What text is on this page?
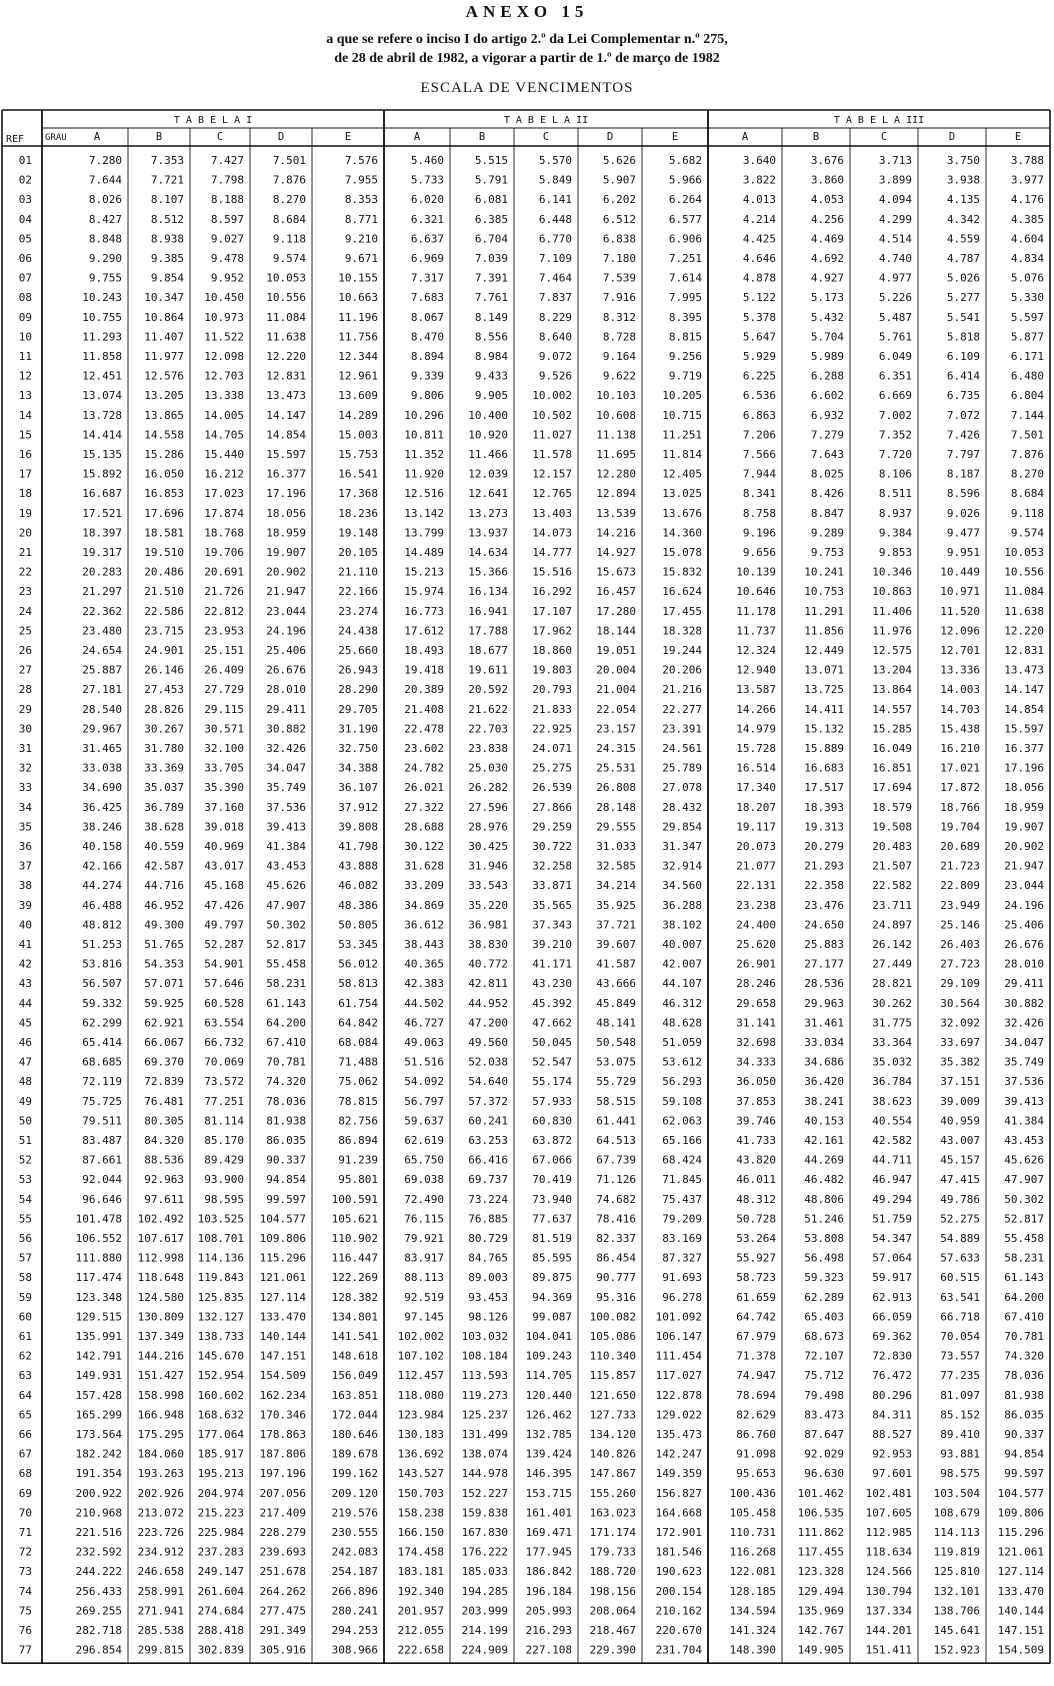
ANEXO 15
a que se refere o inciso I do artigo 2.º da Lei Complementar n.º 275,
de 28 de abril de 1982, a vigorar a partir de 1.º de março de 1982
ESCALA DE VENCIMENTOS
T A B E L A I	T A B E L A II	T A B E L A III
REF GRAU	A	B	C	D	E	A	B	C	D	E	A	B	C	D	E
01	7.280	7.353 7.427	7.501	7.576	5.460	5.515	5.570	5.626	5.682	3.640	3.676	3.713	3.750	3.788
02	7.644	7.721 7.798	7.876	7.955	5.733	5.791	5.849	5.907	5.966	3.822	3.860	3.899	3.938	3.977
03	8.026	8.107 8.188	8.270	8.353	6.020	6.081	6.141	6.202	6.264	4.013	4.053	4.094	4.135	4.176
04	8.427	8.512 8.597	8.684	8.771	6.321	6.385	6.448	6.512	6.577	4.214	4.256	4.299	4.342	4.385
05	8.848	8.938 9.027	9.118	9.210	6.637	6.704	6.770	6.838	6.906	4.425	4.469	4.514	4.559	4.604
06	9.290	9.385 9.478	9.574	9.671	6.969	7.039	7.109	7.180	7.251	4.646	4.692	4.740	4.787	4.834
07	9.755	9.854 9.952 10.053	10.155	7.317	7.391	7.464	7.539	7.614	4.878	4.927	4.977	5.026	5.076
08	10.243 10.347 10.450 10.556	10.663	7.683	7.761	7.837	7.916	7.995	5.122	5.173	5.226	5.277	5.330
09	10.755 10.864 10.973 11.084	11.196	8.067	8.149	8.229	8.312	8.395	5.378	5.432	5.487	5.541	5.597
10	11.293 11.407 11.522 11.638	11.756	8.470	8.556	8.640	8.728	8.815	5.647	5.704	5.761	5.818	5.877
11	11.858 11.977 12.098 12.220	12.344	8.894	8.984	9.072	9.164	9.256	5.929	5.989	6.049	6.109	6.171
12	12.451 12.576 12.703 12.831	12.961	9.339	9.433	9.526	9.622	9.719	6.225	6.288	6.351	6.414	6.480
13	13.074 13.205 13.338 13.473	13.609	9.806	9.905 10.002 10.103 10.205	6.536	6.602	6.669	6.735	6.804
14	13.728 13.865 14.005 14.147	14.289 10.296 10.400 10.502 10.608 10.715	6.863	6.932	7.002	7.072	7.144
15	14.414 14.558 14.705 14.854	15.003 10.811 10.920 11.027 11.138 11.251	7.206	7.279	7.352	7.426	7.501
16	15.135 15.286 15.440 15.597	15.753 11.352 11.466 11.578 11.695 11.814	7.566	7.643	7.720	7.797	7.876
17	15.892 16.050 16.212 16.377	16.541 11.920 12.039 12.157 12.280 12.405	7.944	8.025	8.106	8.187	8.270
18	16.687 16.853 17.023 17.196	17.368 12.516 12.641 12.765 12.894 13.025	8.341	8.426	8.511	8.596	8.684
19	17.521 17.696 17.874 18.056	18.236 13.142 13.273 13.403 13.539 13.676	8.758	8.847	8.937	9.026	9.118
20	18.397 18.581 18.768 18.959	19.148 13.799 13.937 14.073 14.216 14.360	9.196	9.289	9.384	9.477	9.574
21	19.317 19.510 19.706 19.907	20.105 14.489 14.634 14.777 14.927 15.078	9.656	9.753	9.853	9.951 10.053
22	20.283 20.486 20.691 20.902	21.110 15.213 15.366 15.516 15.673 15.832	10.139	10.241	10.346	10.449 10.556
23	21.297 21.510 21.726 21.947	22.166 15.974 16.134 16.292 16.457 16.624	10.646	10.753	10.863	10.971 11.084
24	22.362 22.586 22.812 23.044	23.274 16.773 16.941 17.107 17.280 17.455	11.178	11.291	11.406	11.520 11.638
25	23.480 23.715 23.953 24.196	24.438 17.612 17.788 17.962 18.144 18.328	11.737	11.856	11.976	12.096 12.220
26	24.654 24.901 25.151 25.406	25.660 18.493 18.677 18.860 19.051 19.244	12.324	12.449	12.575	12.701 12.831
27	25.887 26.146 26.409 26.676	26.943 19.418 19.611 19.803 20.004 20.206	12.940	13.071	13.204	13.336 13.473
28	27.181 27.453 27.729 28.010	28.290 20.389 20.592 20.793 21.004 21.216	13.587	13.725	13.864	14.003 14.147
29	28.540 28.826 29.115 29.411	29.705 21.408 21.622 21.833 22.054 22.277	14.266	14.411	14.557	14.703 14.854
30	29.967 30.267 30.571 30.882	31.190 22.478 22.703 22.925 23.157 23.391	14.979	15.132	15.285	15.438 15.597
31	31.465 31.780 32.100 32.426	32.750 23.602 23.838 24.071 24.315 24.561	15.728	15.889	16.049	16.210 16.377
32	33.038 33.369 33.705 34.047	34.388 24.782 25.030 25.275 25.531 25.789	16.514	16.683	16.851	17.021 17.196
33	34.690 35.037 35.390 35.749	36.107 26.021 26.282 26.539 26.808 27.078	17.340	17.517	17.694	17.872 18.056
34	36.425 36.789 37.160 37.536	37.912 27.322 27.596 27.866 28.148 28.432	18.207	18.393	18.579	18.766 18.959
35	38.246 38.628 39.018 39.413	39.808 28.688 28.976 29.259 29.555 29.854	19.117	19.313	19.508	19.704 19.907
36	40.158 40.559 40.969 41.384	41.798 30.122 30.425 30.722 31.033 31.347	20.073	20.279	20.483	20.689 20.902
37	42.166 42.587 43.017 43.453	43.888 31.628 31.946 32.258 32.585 32.914	21.077	21.293	21.507	21.723 21.947
38	44.274 44.716 45.168 45.626	46.082 33.209 33.543 33.871 34.214 34.560	22.131	22.358	22.582	22.809 23.044
39	46.488 46.952 47.426 47.907	48.386 34.869 35.220 35.565 35.925 36.288	23.238	23.476	23.711	23.949 24.196
40	48.812 49.300 49.797 50.302	50.805 36.612 36.981 37.343 37.721 38.102	24.400	24.650	24.897	25.146 25.406
41	51.253 51.765 52.287 52.817	53.345 38.443 38.830 39.210 39.607 40.007	25.620	25.883	26.142	26.403 26.676
42	53.816 54.353 54.901 55.458	56.012 40.365 40.772 41.171 41.587 42.007	26.901	27.177	27.449	27.723 28.010
43	56.507 57.071 57.646 58.231	58.813 42.383 42.811 43.230 43.666 44.107	28.246	28.536	28.821	29.109 29.411
44	59.332 59.925 60.528 61.143	61.754 44.502 44.952 45.392 45.849 46.312	29.658	29.963	30.262	30.564 30.882
45	62.299 62.921 63.554 64.200	64.842 46.727 47.200 47.662 48.141 48.628	31.141	31.461	31.775	32.092 32.426
46	65.414 66.067 66.732 67.410	68.084 49.063 49.560 50.045 50.548 51.059	32.698	33.034	33.364	33.697 34.047
47	68.685 69.370 70.069 70.781	71.488 51.516 52.038 52.547 53.075 53.612	34.333	34.686	35.032	35.382 35.749
48	72.119 72.839 73.572 74.320	75.062 54.092 54.640 55.174 55.729 56.293	36.050	36.420	36.784	37.151 37.536
49	75.725 76.481 77.251 78.036	78.815 56.797 57.372 57.933 58.515 59.108	37.853	38.241	38.623	39.009 39.413
50	79.511 80.305 81.114 81.938	82.756 59.637 60.241 60.830 61.441 62.063	39.746	40.153	40.554	40.959 41.384
51	83.487 84.320 85.170 86.035	86.894 62.619 63.253 63.872 64.513 65.166	41.733	42.161	42.582	43.007 43.453
52	87.661 88.536 89.429 90.337	91.239 65.750 66.416 67.066 67.739 68.424	43.820	44.269	44.711	45.157 45.626
53	92.044 92.963 93.900 94.854	95.801 69.038 69.737 70.419 71.126 71.845	46.011	46.482	46.947	47.415 47.907
54	96.646 97.611 98.595 99.597 100.591 72.490 73.224 73.940 74.682 75.437	48.312	48.806	49.294	49.786 50.302
55	101.478 102.492 103.525 104.577 105.621 76.115 76.885 77.637 78.416 79.209	50.728	51.246	51.759	52.275 52.817
56	106.552 107.617 108.701 109.806 110.902 79.921 80.729 81.519 82.337 83.169	53.264	53.808	54.347	54.889 55.458
57	111.880 112.998 114.136 115.296 116.447 83.917 84.765 85.595 86.454 87.327	55.927	56.498	57.064	57.633 58.231
58	117.474 118.648 119.843 121.061 122.269 88.113 89.003 89.875 90.777 91.693	58.723	59.323	59.917	60.515 61.143
59	123.348 124.580 125.835 127.114 128.382 92.519 93.453 94.369 95.316 96.278	61.659	62.289	62.913	63.541 64.200
60	129.515 130.809 132.127 133.470 134.801 97.145 98.126 99.087 100.082 101.092	64.742	65.403	66.059	66.718 67.410
61	135.991 137.349 138.733 140.144 141.541 102.002 103.032 104.041 105.086 106.147	67.979	68.673	69.362	70.054 70.781
62	142.791 144.216 145.670 147.151 148.618 107.102 108.184 109.243 110.340 111.454	71.378	72.107	72.830	73.557 74.320
63	149.931 151.427 152.954 154.509 156.049 112.457 113.593 114.705 115.857 117.027	74.947	75.712	76.472	77.235 78.036
64	157.428 158.998 160.602 162.234 163.851 118.080 119.273 120.440 121.650 122.878	78.694	79.498	80.296	81.097 81.938
65	165.299 166.948 168.632 170.346 172.044 123.984 125.237 126.462 127.733 129.022	82.629	83.473	84.311	85.152 86.035
66	173.564 175.295 177.064 178.863 180.646 130.183 131.499 132.785 134.120 135.473	86.760	87.647	88.527	89.410 90.337
67	182.242 184.060 185.917 187.806 189.678 136.692 138.074 139.424 140.826 142.247	91.098	92.029	92.953	93.881 94.854
68	191.354 193.263 195.213 197.196 199.162 143.527 144.978 146.395 147.867 149.359	95.653	96.630	97.601	98.575 99.597
69	200.922 202.926 204.974 207.056 209.120 150.703 152.227 153.715 155.260 156.827	100.436 101.462 102.481 103.504 104.577
70	210.968 213.072 215.223 217.409 219.576 158.238 159.838 161.401 163.023 164.668	105.458 106.535 107.605 108.679 109.806
71	221.516 223.726 225.984 228.279 230.555 166.150 167.830 169.471 171.174 172.901	110.731 111.862 112.985 114.113 115.296
72	232.592 234.912 237.283 239.693 242.083 174.458 176.222 177.945 179.733 181.546	116.268 117.455 118.634 119.819 121.061
73	244.222 246.658 249.147 251.678 254.187 183.181 185.033 186.842 188.720 190.623	122.081 123.328 124.566 125.810 127.114
74	256.433 258.991 261.604 264.262 266.896 192.340 194.285 196.184 198.156 200.154	128.185 129.494 130.794 132.101 133.470
75	269.255 271.941 274.684 277.475 280.241 201.957 203.999 205.993 208.064 210.162	134.594 135.969 137.334 138.706 140.144
76	282.718 285.538 288.418 291.349 294.253 212.055 214.199 216.293 218.467 220.670	141.324 142.767 144.201 145.641 147.151
77	296.854 299.815 302.839 305.916 308.966 222.658 224.909 227.108 229.390 231.704	148.390 149.905 151.411 152.923 154.509
